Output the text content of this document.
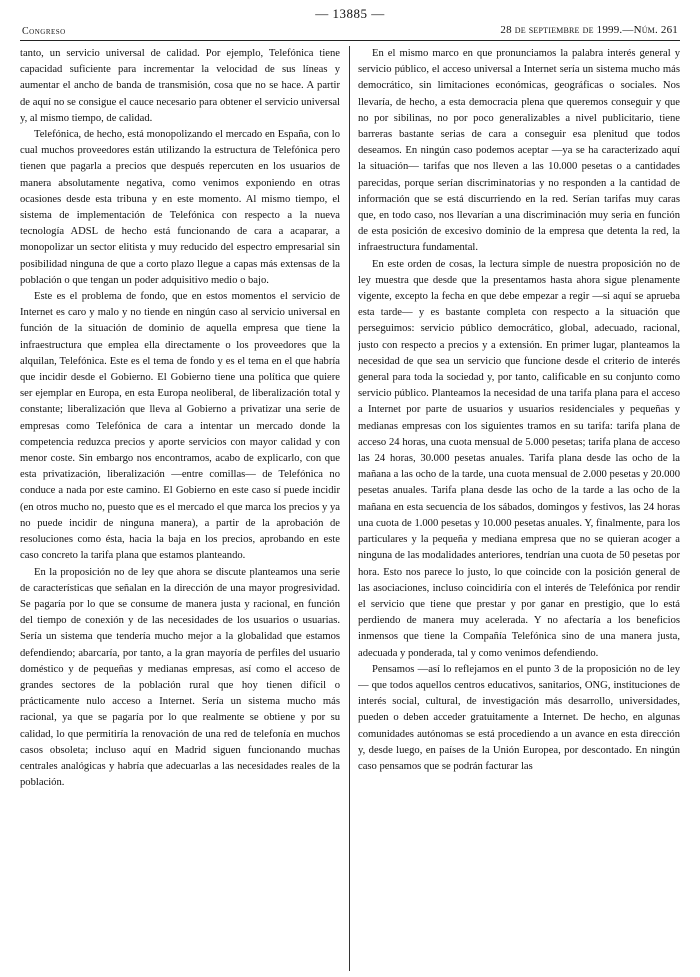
— 13885 —
Congreso	28 de septiembre de 1999.—Núm. 261

tanto, un servicio universal de calidad. Por ejemplo, Telefónica tiene capacidad suficiente para incrementar la velocidad de sus líneas y aumentar el ancho de banda de transmisión, cosa que no se hace. A partir de aquí no se consigue el cauce necesario para obtener el servicio universal y, al mismo tiempo, de calidad.

Telefónica, de hecho, está monopolizando el mercado en España, con lo cual muchos proveedores están utilizando la estructura de Telefónica pero tienen que pagarla a precios que después repercuten en los usuarios de manera absolutamente negativa, como venimos exponiendo en otras ocasiones desde esta tribuna y en este momento. Al mismo tiempo, el sistema de implementación de Telefónica con respecto a la nueva tecnología ADSL de hecho está funcionando de cara a acaparar, a monopolizar un sector elitista y muy reducido del espectro empresarial sin posibilidad ninguna de que a corto plazo llegue a capas más extensas de la población o que tengan un poder adquisitivo medio o bajo.

Este es el problema de fondo, que en estos momentos el servicio de Internet es caro y malo y no tiende en ningún caso al servicio universal en función de la situación de dominio de aquella empresa que tiene la infraestructura que emplea ella directamente o los proveedores que la alquilan, Telefónica. Este es el tema de fondo y es el tema en el que habría que incidir desde el Gobierno. El Gobierno tiene una política que quiere ser ejemplar en Europa, en esta Europa neoliberal, de liberalización total y constante; liberalización que lleva al Gobierno a privatizar una serie de empresas como Telefónica de cara a intentar un mercado donde la competencia reduzca precios y aporte servicios con mayor calidad y con menor coste. Sin embargo nos encontramos, acabo de explicarlo, con que esta privatización, liberalización —entre comillas— de Telefónica no conduce a nada por este camino. El Gobierno en este caso sí puede incidir (en otros mucho no, puesto que es el mercado el que marca los precios y ya no puede incidir de ninguna manera), a partir de la aprobación de resoluciones como ésta, hacia la baja en los precios, aprobando en este caso concreto la tarifa plana que estamos planteando.

En la proposición no de ley que ahora se discute planteamos una serie de características que señalan en la dirección de una mayor progresividad. Se pagaría por lo que se consume de manera justa y racional, en función del tiempo de conexión y de las necesidades de los usuarios o usuarias. Sería un sistema que tendería mucho mejor a la globalidad que estamos defendiendo; abarcaría, por tanto, a la gran mayoría de perfiles del usuario doméstico y de pequeñas y medianas empresas, así como el acceso de grandes sectores de la población rural que hoy tienen difícil o prácticamente nulo acceso a Internet. Sería un sistema mucho más racional, ya que se pagaría por lo que realmente se obtiene y por su calidad, lo que permitiría la renovación de una red de telefonía en muchos casos obsoleta; incluso aquí en Madrid siguen funcionando muchas centrales analógicas y habría que adecuarlas a las necesidades reales de la población.

En el mismo marco en que pronunciamos la palabra interés general y servicio público, el acceso universal a Internet sería un sistema mucho más democrático, sin limitaciones económicas, geográficas o sociales. Nos llevaría, de hecho, a esta democracia plena que queremos conseguir y que no por sibilinas, no por poco generalizables a nivel publicitario, tiene barreras bastante serias de cara a conseguir esa plenitud que todos deseamos. En ningún caso podemos aceptar —ya se ha caracterizado aquí la situación— tarifas que nos lleven a las 10.000 pesetas o a cantidades parecidas, porque serían discriminatorias y no responden a la cantidad de información que se está discurriendo en la red. Serían tarifas muy caras que, en todo caso, nos llevarían a una discriminación muy seria en función de esta posición de excesivo dominio de la empresa que detenta la red, la infraestructura fundamental.

En este orden de cosas, la lectura simple de nuestra proposición no de ley muestra que desde que la presentamos hasta ahora sigue plenamente vigente, excepto la fecha en que debe empezar a regir —si aquí se aprueba esta tarde— y es bastante completa con respecto a la situación que perseguimos: servicio público democrático, global, adecuado, racional, justo con respecto a precios y a extensión. En primer lugar, planteamos la necesidad de que sea un servicio que funcione desde el criterio de interés general para toda la sociedad y, por tanto, calificable en su conjunto como servicio público. Planteamos la necesidad de una tarifa plana para el acceso a Internet por parte de usuarios y usuarios residenciales y pequeñas y medianas empresas con los siguientes tramos en su tarifa: tarifa plana de acceso 24 horas, una cuota mensual de 5.000 pesetas; tarifa plana de acceso las 24 horas, 30.000 pesetas anuales. Tarifa plana desde las ocho de la mañana a las ocho de la tarde, una cuota mensual de 2.000 pesetas y 20.000 pesetas anuales. Tarifa plana desde las ocho de la tarde a las ocho de la mañana en esta secuencia de los sábados, domingos y festivos, las 24 horas una cuota de 1.000 pesetas y 10.000 pesetas anuales. Y, finalmente, para los particulares y la pequeña y mediana empresa que no se quieran acoger a ninguna de las modalidades anteriores, tendrían una cuota de 50 pesetas por hora. Esto nos parece lo justo, lo que coincide con la posición general de las asociaciones, incluso coincidiría con el interés de Telefónica por rendir el servicio que tiene que prestar y por ganar en prestigio, que lo está perdiendo de manera muy acelerada. Y no afectaría a los beneficios inmensos que tiene la Compañía Telefónica sino de una manera justa, adecuada y ponderada, tal y como venimos defendiendo.

Pensamos —así lo reflejamos en el punto 3 de la proposición no de ley— que todos aquellos centros educativos, sanitarios, ONG, instituciones de interés social, cultural, de investigación más desarrollo, universidades, pueden o deben acceder gratuitamente a Internet. De hecho, en algunas comunidades autónomas se está procediendo a un avance en esta dirección y, desde luego, en países de la Unión Europea, por descontado. En ningún caso pensamos que se podrán facturar las
